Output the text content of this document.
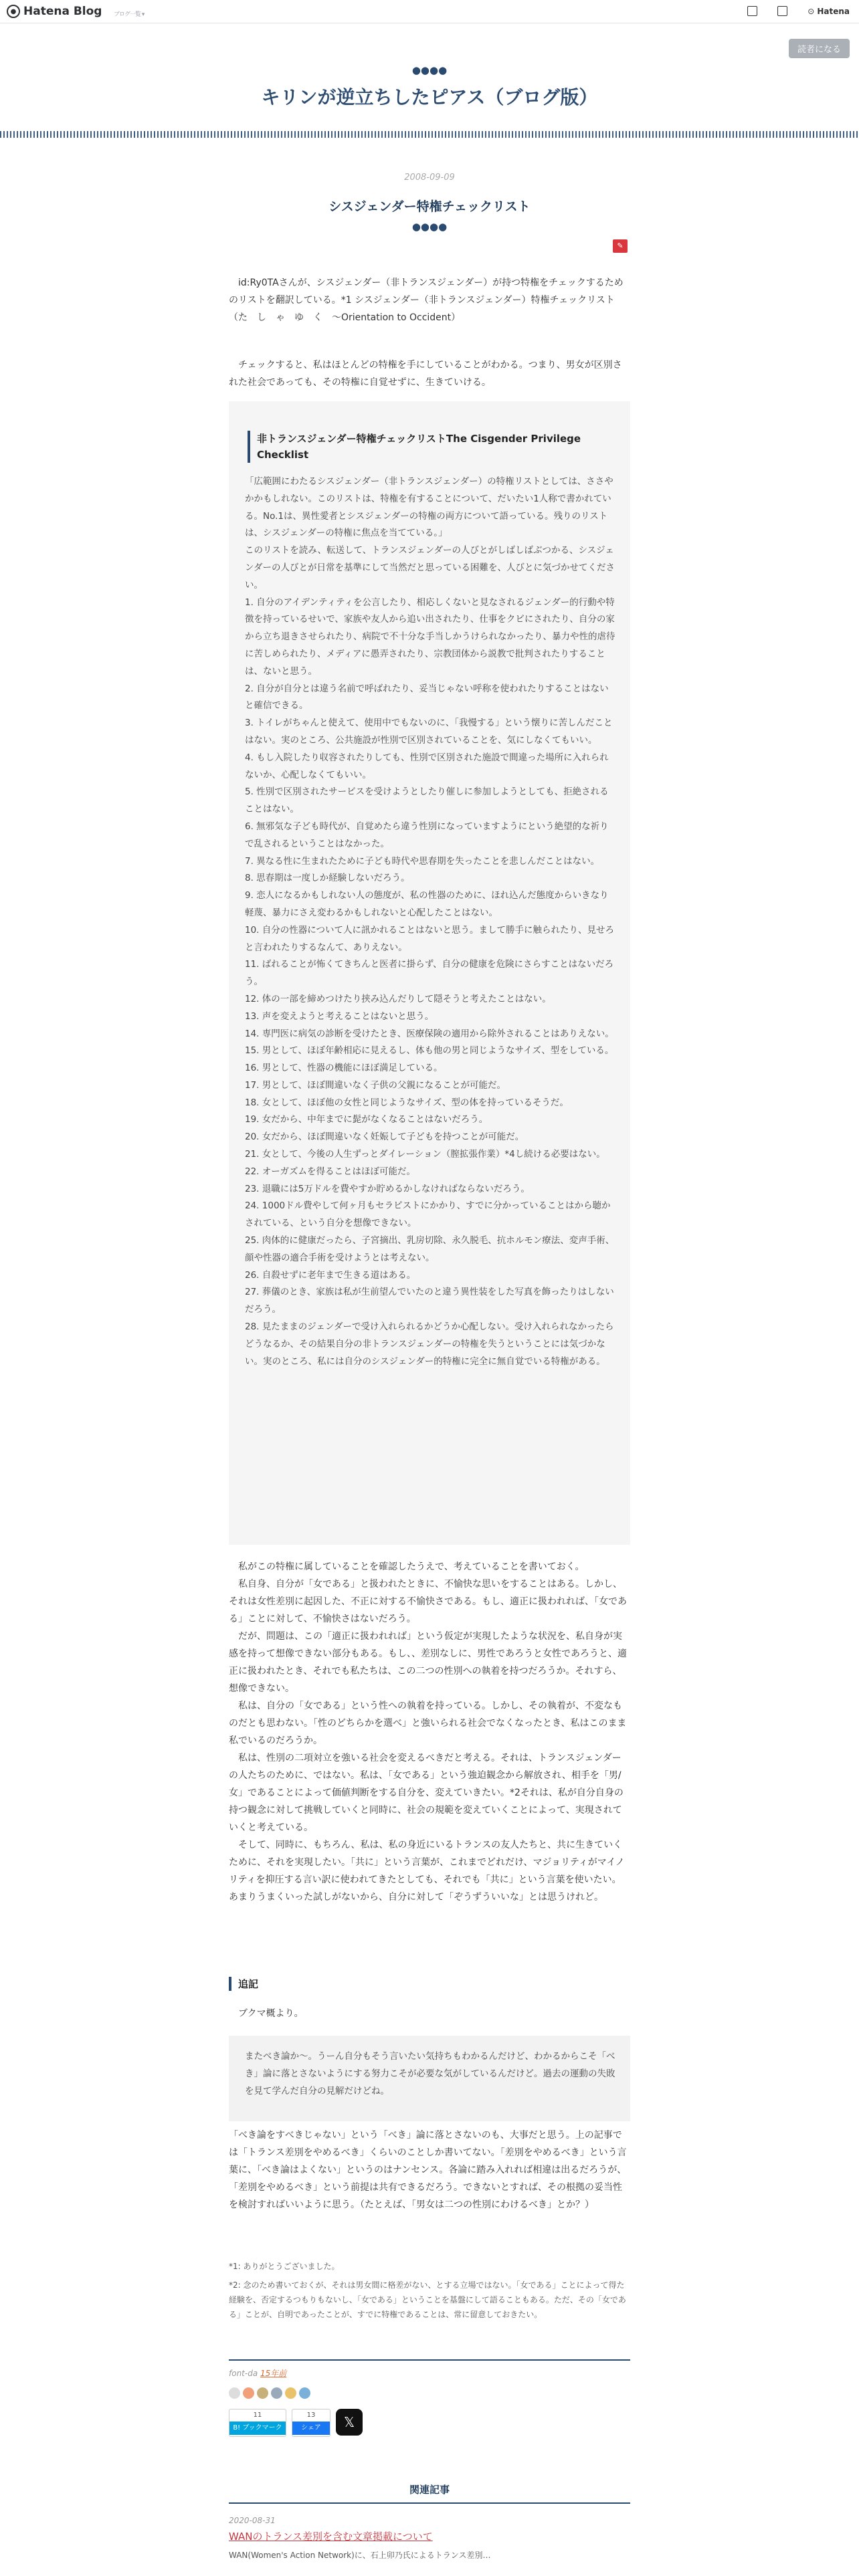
● Hatena Blog ブログ一覧 ▾	⊙ Hatena
読者になる
●●●●
キリンが逆立ちしたピアス（ブログ版）
2008-09-09
シスジェンダー特権チェックリスト
●●●●
✎
id:Ry0TAさんが、シスジェンダー（非トランスジェンダー）が持つ特権をチェックするためのリストを翻訳している。*1 シスジェンダー（非トランスジェンダー）特権チェックリスト（た　し　ゃ　ゆ　く　〜Orientation to Occident）
チェックすると、私はほとんどの特権を手にしていることがわかる。つまり、男女が区別された社会であっても、その特権に自覚せずに、生きていける。
非トランスジェンダー特権チェックリストThe Cisgender Privilege Checklist

「広範囲にわたるシスジェンダー（非トランスジェンダー）の特権リストとしては、ささやかかもしれない。このリストは、特権を有することについて、だいたい1人称で書かれている。No.1は、異性愛者とシスジェンダーの特権の両方について語っている。残りのリストは、シスジェンダーの特権に焦点を当てている。」

このリストを読み、転送して、トランスジェンダーの人びとがしばしばぶつかる、シスジェンダーの人びとが日常を基準にして当然だと思っている困難を、人びとに気づかせてください。

1. 自分のアイデンティティを公言したり、相応しくないと見なされるジェンダー的行動や特徴を持っているせいで、家族や友人から追い出されたり、仕事をクビにされたり、自分の家から立ち退きさせられたり、病院で不十分な手当しかうけられなかったり、暴力や性的虐待に苦しめられたり、メディアに愚弄されたり、宗教団体から説教で批判されたりすることは、ないと思う。

2. 自分が自分とは違う名前で呼ばれたり、妥当じゃない呼称を使われたりすることはないと確信できる。

3. トイレがちゃんと使えて、使用中でもないのに、「我慢する」という懐りに苦しんだことはない。実のところ、公共施設が性別で区別されていることを、気にしなくてもいい。

4. もし入院したり収容されたりしても、性別で区別された施設で間違った場所に入れられないか、心配しなくてもいい。

5. 性別で区別されたサービスを受けようとしたり催しに参加しようとしても、拒絶されることはない。

6. 無邪気な子ども時代が、自覚めたら違う性別になっていますようにという絶望的な祈りで乱されるということはなかった。

7. 異なる性に生まれたために子ども時代や思春期を失ったことを悲しんだことはない。

8. 思春期は一度しか経験しないだろう。

9. 恋人になるかもしれない人の態度が、私の性器のために、ほれ込んだ態度からいきなり軽蔑、暴力にさえ変わるかもしれないと心配したことはない。

10. 自分の性器について人に訊かれることはないと思う。まして勝手に触られたり、見せろと言われたりするなんて、ありえない。

11. ばれることが怖くてきちんと医者に掛らず、自分の健康を危険にさらすことはないだろう。

12. 体の一部を締めつけたり挟み込んだりして隠そうと考えたことはない。

13. 声を変えようと考えることはないと思う。

14. 専門医に病気の診断を受けたとき、医療保険の適用から除外されることはありえない。

15. 男として、ほぼ年齢相応に見えるし、体も他の男と同じようなサイズ、型をしている。

16. 男として、性器の機能にほぼ満足している。

17. 男として、ほぼ間違いなく子供の父親になることが可能だ。

18. 女として、ほぼ他の女性と同じようなサイズ、型の体を持っているそうだ。

19. 女だから、中年までに髭がなくなることはないだろう。

20. 女だから、ほぼ間違いなく妊娠して子どもを持つことが可能だ。

21. 女として、今後の人生ずっとダイレーション（膣拡張作業）*4し続ける必要はない。

22. オーガズムを得ることはほぼ可能だ。

23. 退職には5万ドルを費やすか貯めるかしなければならないだろう。

24. 1000ドル費やして何ヶ月もセラピストにかかり、すでに分かっていることはから聴かされている、という自分を想像できない。

25. 肉体的に健康だったら、子宮摘出、乳房切除、永久脱毛、抗ホルモン療法、変声手術、顔や性器の適合手術を受けようとは考えない。

26. 自殺せずに老年まで生きる道はある。

27. 葬儀のとき、家族は私が生前望んでいたのと違う異性装をした写真を飾ったりはしないだろう。

28. 見たままのジェンダーで受け入れられるかどうか心配しない。受け入れられなかったらどうなるか、その結果自分の非トランスジェンダーの特権を失うということには気づかない。実のところ、私には自分のシスジェンダー的特権に完全に無自覚でいる特権がある。

私がこの特権に属していることを確認したうえで、考えていることを書いておく。
私自身、自分が「女である」と扱われたときに、不愉快な思いをすることはある。しかし、それは女性差別に起因した、不正に対する不愉快さである。もし、適正に扱われれば、「女である」ことに対して、不愉快さはないだろう。
だが、問題は、この「適正に扱われれば」という仮定が実現したような状況を、私自身が実感を持って想像できない部分もある。もし、、差別なしに、男性であろうと女性であろうと、適正に扱われたとき、それでも私たちは、この二つの性別への執着を持つだろうか。それすら、想像できない。
私は、自分の「女である」という性への執着を持っている。しかし、その執着が、不変なものだとも思わない。「性のどちらかを選べ」と強いられる社会でなくなったとき、私はこのまま私でいるのだろうか。
私は、性別の二項対立を強いる社会を変えるべきだと考える。それは、トランスジェンダーの人たちのために、ではない。私は、「女である」という強迫観念から解放され、相手を「男/女」であることによって価値判断をする自分を、変えていきたい。*2それは、私が自分自身の持つ観念に対して挑戦していくと同時に、社会の規範を変えていくことによって、実現されていくと考えている。
そして、同時に、もちろん、私は、私の身近にいるトランスの友人たちと、共に生きていくために、それを実現したい。「共に」という言葉が、これまでどれだけ、マジョリティがマイノリティを抑圧する言い訳に使われてきたとしても、それでも「共に」という言葉を使いたい。あまりうまくいった試しがないから、自分に対して「ぞうずういいな」とは思うけれど。
追記
ブクマ概より。
またべき論か〜。うーん自分もそう言いたい気持ちもわかるんだけど、わかるからこそ「べき」論に落とさないようにする努力こそが必要な気がしているんだけど。過去の運動の失敗を見て学んだ自分の見解だけどね。
「べき論をすべきじゃない」という「べき」論に落とさないのも、大事だと思う。上の記事では「トランス差別をやめるべき」くらいのことしか書いてない。「差別をやめるべき」という言葉に、「べき論はよくない」というのはナンセンス。各論に踏み入れれば相違は出るだろうが、「差別をやめるべき」という前提は共有できるだろう。できないとすれば、その根拠の妥当性を検討すればいいように思う。（たとえば、「男女は二つの性別にわけるべき」とか？）
*1: ありがとうございました。
*2: 念のため書いておくが、それは男女間に格差がない、とする立場ではない。「女である」ことによって得た経験を、否定するつもりもないし、「女である」ということを基盤にして語ることもある。ただ、その「女である」ことが、自明であったことが、すでに特権であることは、常に留意しておきたい。
font-da 15年前
11
B! ブックマーク
13
シェア	𝕏
関連記事
2020-08-31
WANのトランス差別を含む文章掲載について
WAN(Women's Action Network)に、石上卯乃氏によるトランス差別…
